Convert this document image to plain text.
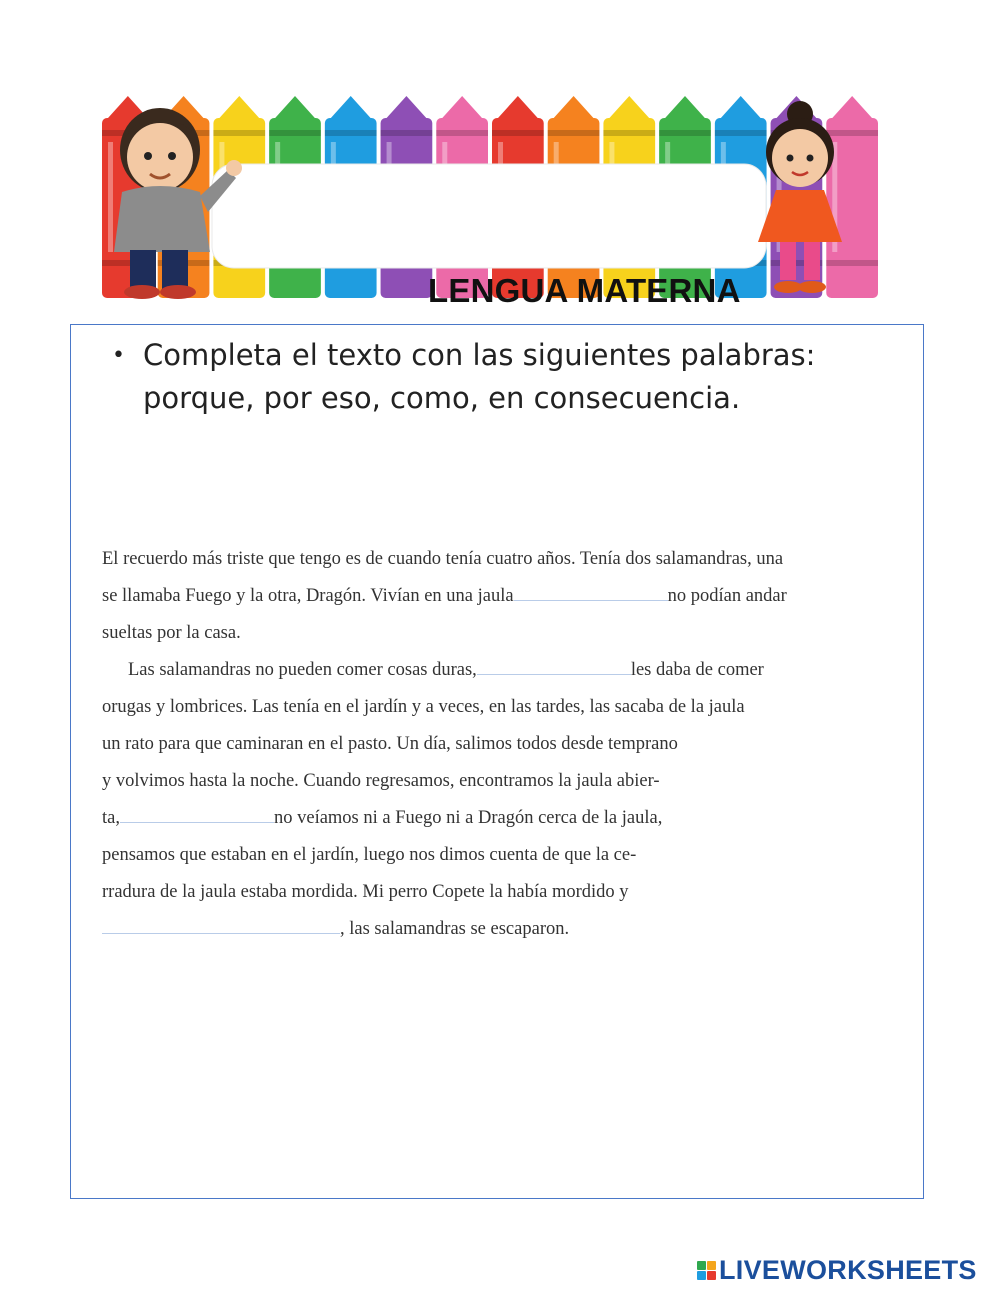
LENGUA MATERNA
• Completa el texto con las siguientes palabras:
porque, por eso, como, en consecuencia.
El recuerdo más triste que tengo es de cuando tenía cuatro años. Tenía dos salamandras, una
se llamaba Fuego y la otra, Dragón. Vivían en una jaula	no podían andar
sueltas por la casa.
Las salamandras no pueden comer cosas duras,	les daba de comer
orugas y lombrices. Las tenía en el jardín y a veces, en las tardes, las sacaba de la jaula
un rato para que caminaran en el pasto. Un día, salimos todos desde temprano
y volvimos hasta la noche. Cuando regresamos, encontramos la jaula abier-
ta,	no veíamos ni a Fuego ni a Dragón cerca de la jaula,
pensamos que estaban en el jardín, luego nos dimos cuenta de que la ce-
rradura de la jaula estaba mordida. Mi perro Copete la había mordido y
, las salamandras se escaparon.
LIVEWORKSHEETS
